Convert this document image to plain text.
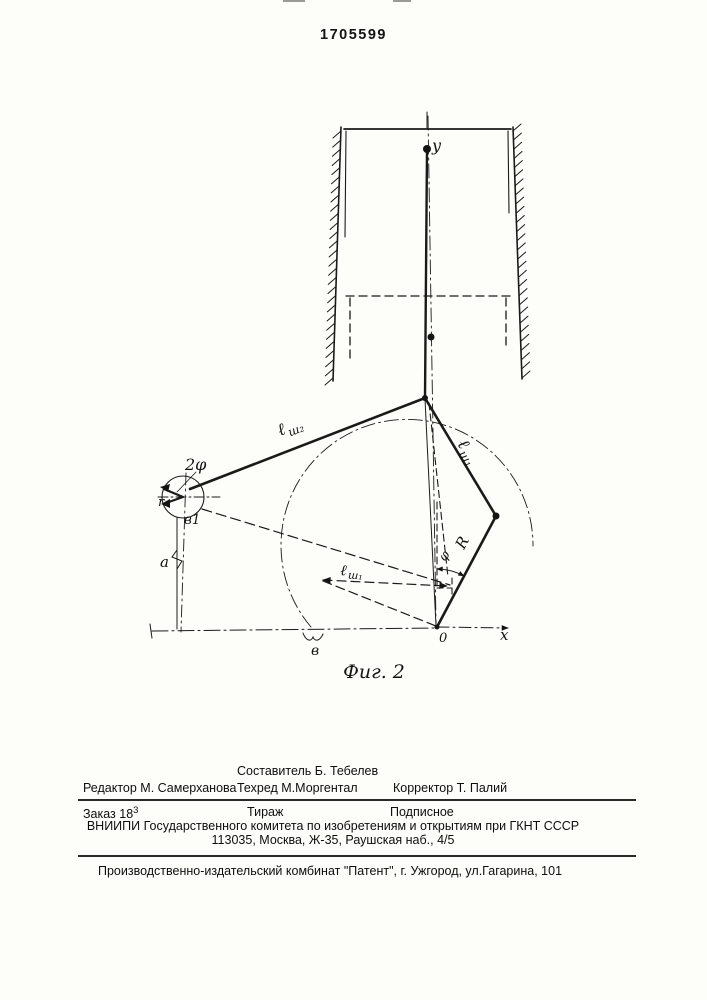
1705599
у
x
0
ℓ
ш₂
ℓ
ш₁
ℓ ш₁
R
φ
2φ
r
в1
a
в
Фиг. 2
Составитель Б. Тебелев
Редактор М. Самерханова Техред М.Моргентал	Корректор Т. Палий
Заказ $18^3$	Тираж	Подписное
ВНИИПИ Государственного комитета по изобретениям и открытиям при ГКНТ СССР
113035, Москва, Ж-35, Раушская наб., 4/5
Производственно-издательский комбинат "Патент", г. Ужгород, ул.Гагарина, 101
